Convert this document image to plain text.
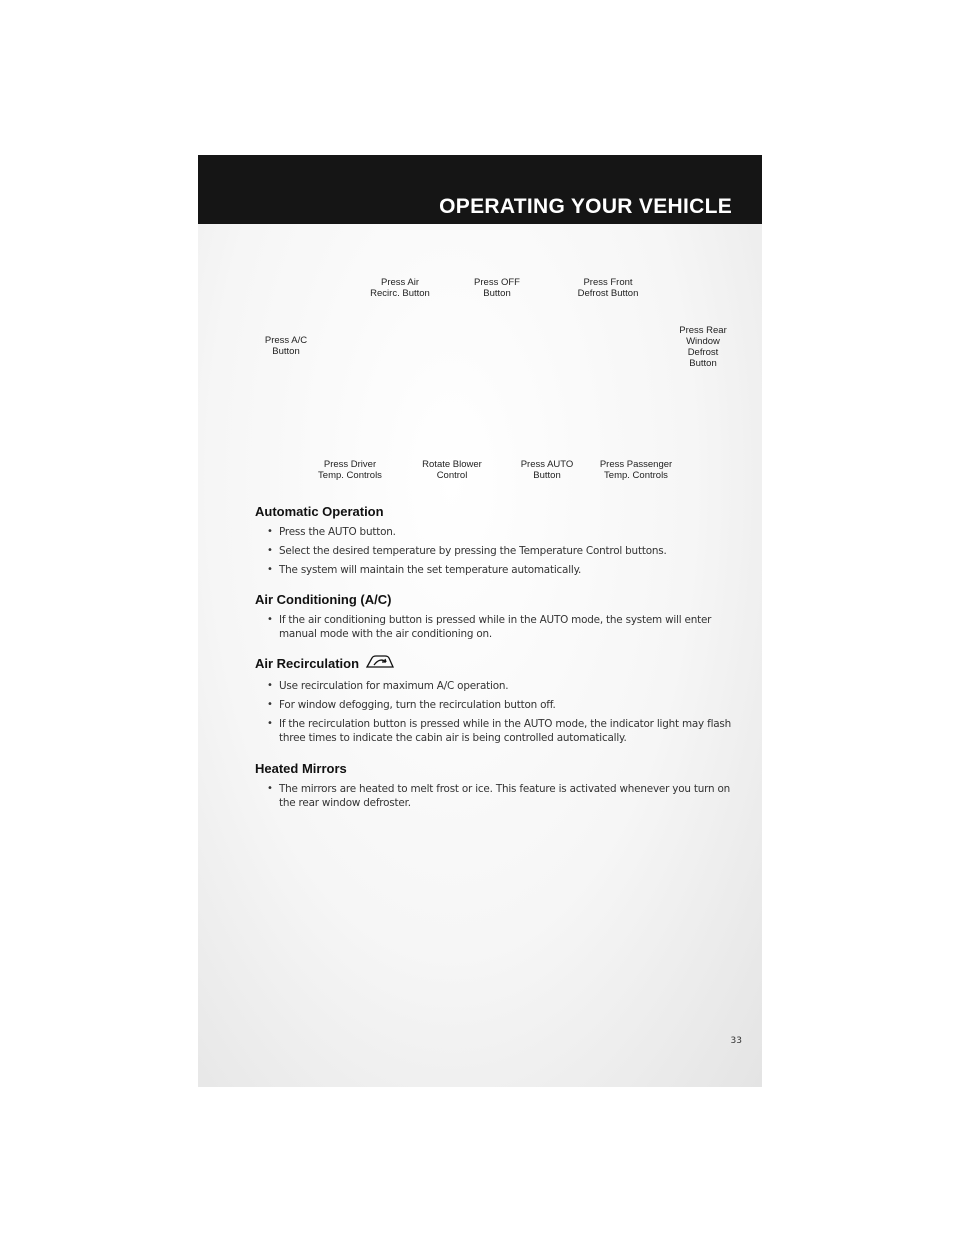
OPERATING YOUR VEHICLE
Press Air
Recirc. Button
Press OFF
Button
Press Front
Defrost Button
Press A/C
Button
Press Rear
Window
Defrost
Button
Press Driver
Temp. Controls
Rotate Blower
Control
Press AUTO
Button
Press Passenger
Temp. Controls
Automatic Operation
• Press the AUTO button.
• Select the desired temperature by pressing the Temperature Control buttons.
• The system will maintain the set temperature automatically.
Air Conditioning (A/C)
• If the air conditioning button is pressed while in the AUTO mode, the system will enter manual mode with the air conditioning on.
Air Recirculation
• Use recirculation for maximum A/C operation.
• For window defogging, turn the recirculation button off.
• If the recirculation button is pressed while in the AUTO mode, the indicator light may flash three times to indicate the cabin air is being controlled automatically.
Heated Mirrors
• The mirrors are heated to melt frost or ice. This feature is activated whenever you turn on the rear window defroster.
33
